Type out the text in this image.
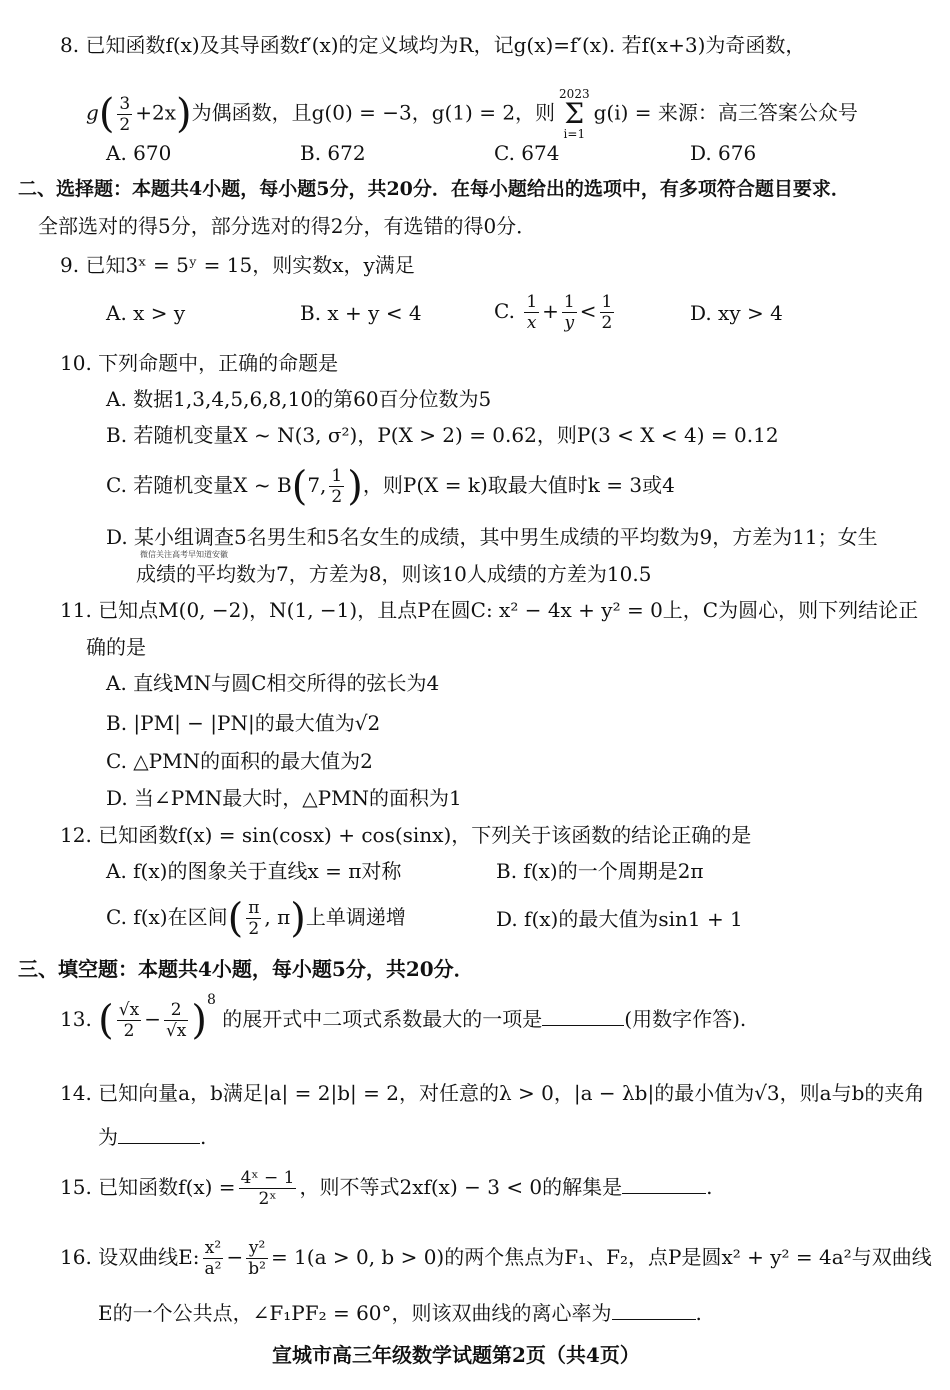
8. 已知函数f(x)及其导函数f′(x)的定义域均为R，记g(x)=f′(x). 若f(x+3)为奇函数，
$g( \frac{3}{2} +2x)$为偶函数，且g(0) = −3，g(1) = 2，则2023
Σ
i=1g(i) = 来源：高三答案公众号
A. 670	B. 672	C. 674	D. 676
二、选择题：本题共4小题，每小题5分，共20分．在每小题给出的选项中，有多项符合题目要求．
全部选对的得5分，部分选对的得2分，有选错的得0分．
9. 已知3ˣ = 5ʸ = 15，则实数x，y满足
A. x > y	B. x + y < 4	C. $\frac{1}{x} + \frac{1}{y} < \frac{1}{2}$	D. xy > 4
10. 下列命题中，正确的命题是
A. 数据1,3,4,5,6,8,10的第60百分位数为5
B. 若随机变量X ~ N(3, σ²)，P(X > 2) = 0.62，则P(3 < X < 4) = 0.12
C. 若随机变量X ~ B(7, $\frac{1}{2}$ )，则P(X = k)取最大值时k = 3或4
D. 某小组调查5名男生和5名女生的成绩，其中男生成绩的平均数为9，方差为11；女生
微信关注高考早知道安徽
成绩的平均数为7，方差为8，则该10人成绩的方差为10.5
11. 已知点M(0, −2)，N(1, −1)，且点P在圆C: x² − 4x + y² = 0上，C为圆心，则下列结论正
确的是
A. 直线MN与圆C相交所得的弦长为4
B. |PM| − |PN|的最大值为√2
C. △PMN的面积的最大值为2
D. 当∠PMN最大时，△PMN的面积为1
12. 已知函数f(x) = sin(cosx) + cos(sinx)，下列关于该函数的结论正确的是
A. f(x)的图象关于直线x = π对称	B. f(x)的一个周期是2π
C. f(x)在区间( $\frac{\pi}{2}$ , π)上单调递增	D. f(x)的最大值为sin1 + 1
三、填空题：本题共4小题，每小题5分，共20分．
13. ( $\frac{√x}{2} - \frac{2}{√x} )^8$ 的展开式中二项式系数最大的一项是	(用数字作答).
14. 已知向量a，b满足|a| = 2|b| = 2，对任意的λ > 0，|a − λb|的最小值为√3，则a与b的夹角
为	.
15. 已知函数$f(x) = \frac{\text{4ˣ − 1}}{\text{2ˣ}}$ ，则不等式2xf(x) − 3 < 0的解集是	.
16. 设双曲线E: $\frac{\text{x²}}{\text{a²}} - \frac{\text{y²}}{\text{b²}} = 1(a > 0$, b > 0)的两个焦点为F₁、F₂，点P是圆x² + y² = 4a²与双曲线
E的一个公共点，∠F₁PF₂ = 60°，则该双曲线的离心率为	.
宣城市高三年级数学试题第2页（共4页）
